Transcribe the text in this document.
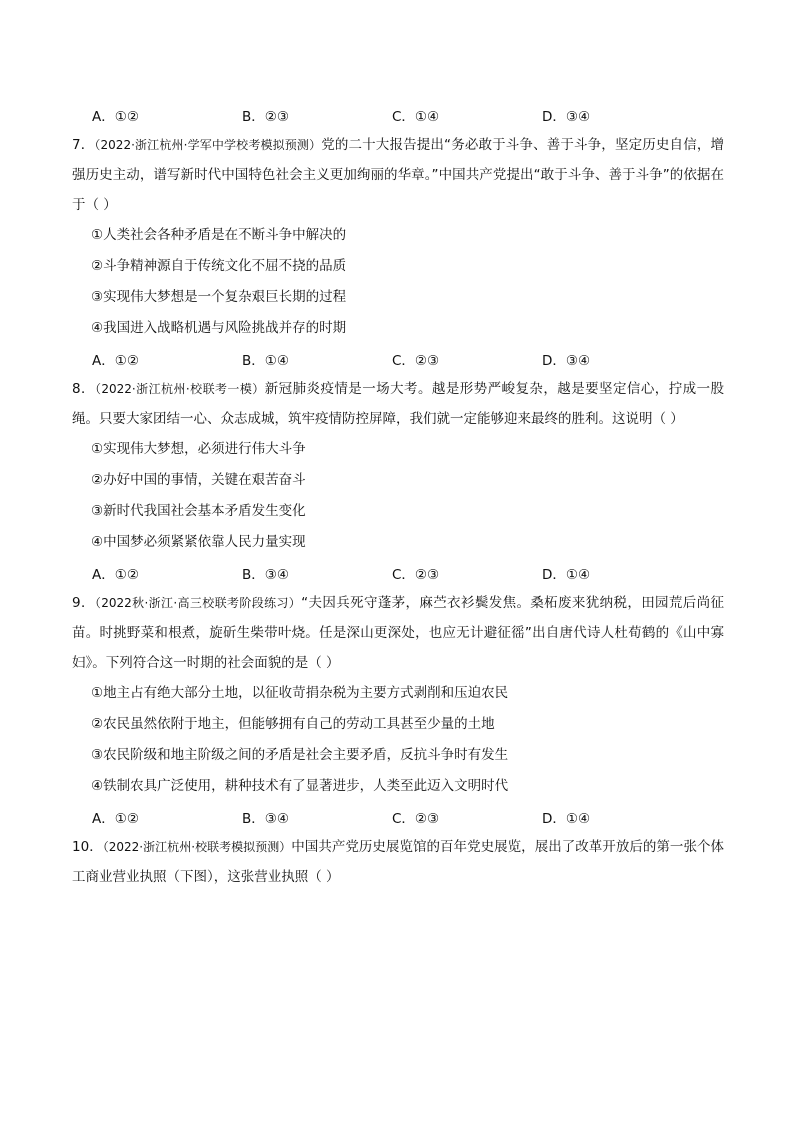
A．①②	B．②③	C．①④	D．③④

7．（2022·浙江杭州·学军中学校考模拟预测）党的二十大报告提出“务必敢于斗争、善于斗争，坚定历史自信，增强历史主动，谱写新时代中国特色社会主义更加绚丽的华章。”中国共产党提出“敢于斗争、善于斗争”的依据在于（ ）

①人类社会各种矛盾是在不断斗争中解决的
②斗争精神源自于传统文化不屈不挠的品质
③实现伟大梦想是一个复杂艰巨长期的过程
④我国进入战略机遇与风险挑战并存的时期
A．①②	B．①④	C．②③	D．③④

8．（2022·浙江杭州·校联考一模）新冠肺炎疫情是一场大考。越是形势严峻复杂，越是要坚定信心，拧成一股绳。只要大家团结一心、众志成城，筑牢疫情防控屏障，我们就一定能够迎来最终的胜利。这说明（ ）

①实现伟大梦想，必须进行伟大斗争
②办好中国的事情，关键在艰苦奋斗
③新时代我国社会基本矛盾发生变化
④中国梦必须紧紧依靠人民力量实现
A．①②	B．③④	C．②③	D．①④

9．（2022秋·浙江·高三校联考阶段练习）“夫因兵死守蓬茅，麻苎衣衫鬓发焦。桑柘废来犹纳税，田园荒后尚征苗。时挑野菜和根煮，旋斫生柴带叶烧。任是深山更深处，也应无计避征徭”出自唐代诗人杜荀鹤的《山中寡妇》。下列符合这一时期的社会面貌的是（ ）

①地主占有绝大部分土地，以征收苛捐杂税为主要方式剥削和压迫农民
②农民虽然依附于地主，但能够拥有自己的劳动工具甚至少量的土地
③农民阶级和地主阶级之间的矛盾是社会主要矛盾，反抗斗争时有发生
④铁制农具广泛使用，耕种技术有了显著进步，人类至此迈入文明时代
A．①②	B．③④	C．②③	D．①④

10．（2022·浙江杭州·校联考模拟预测）中国共产党历史展览馆的百年党史展览，展出了改革开放后的第一张个体工商业营业执照（下图），这张营业执照（ ）
